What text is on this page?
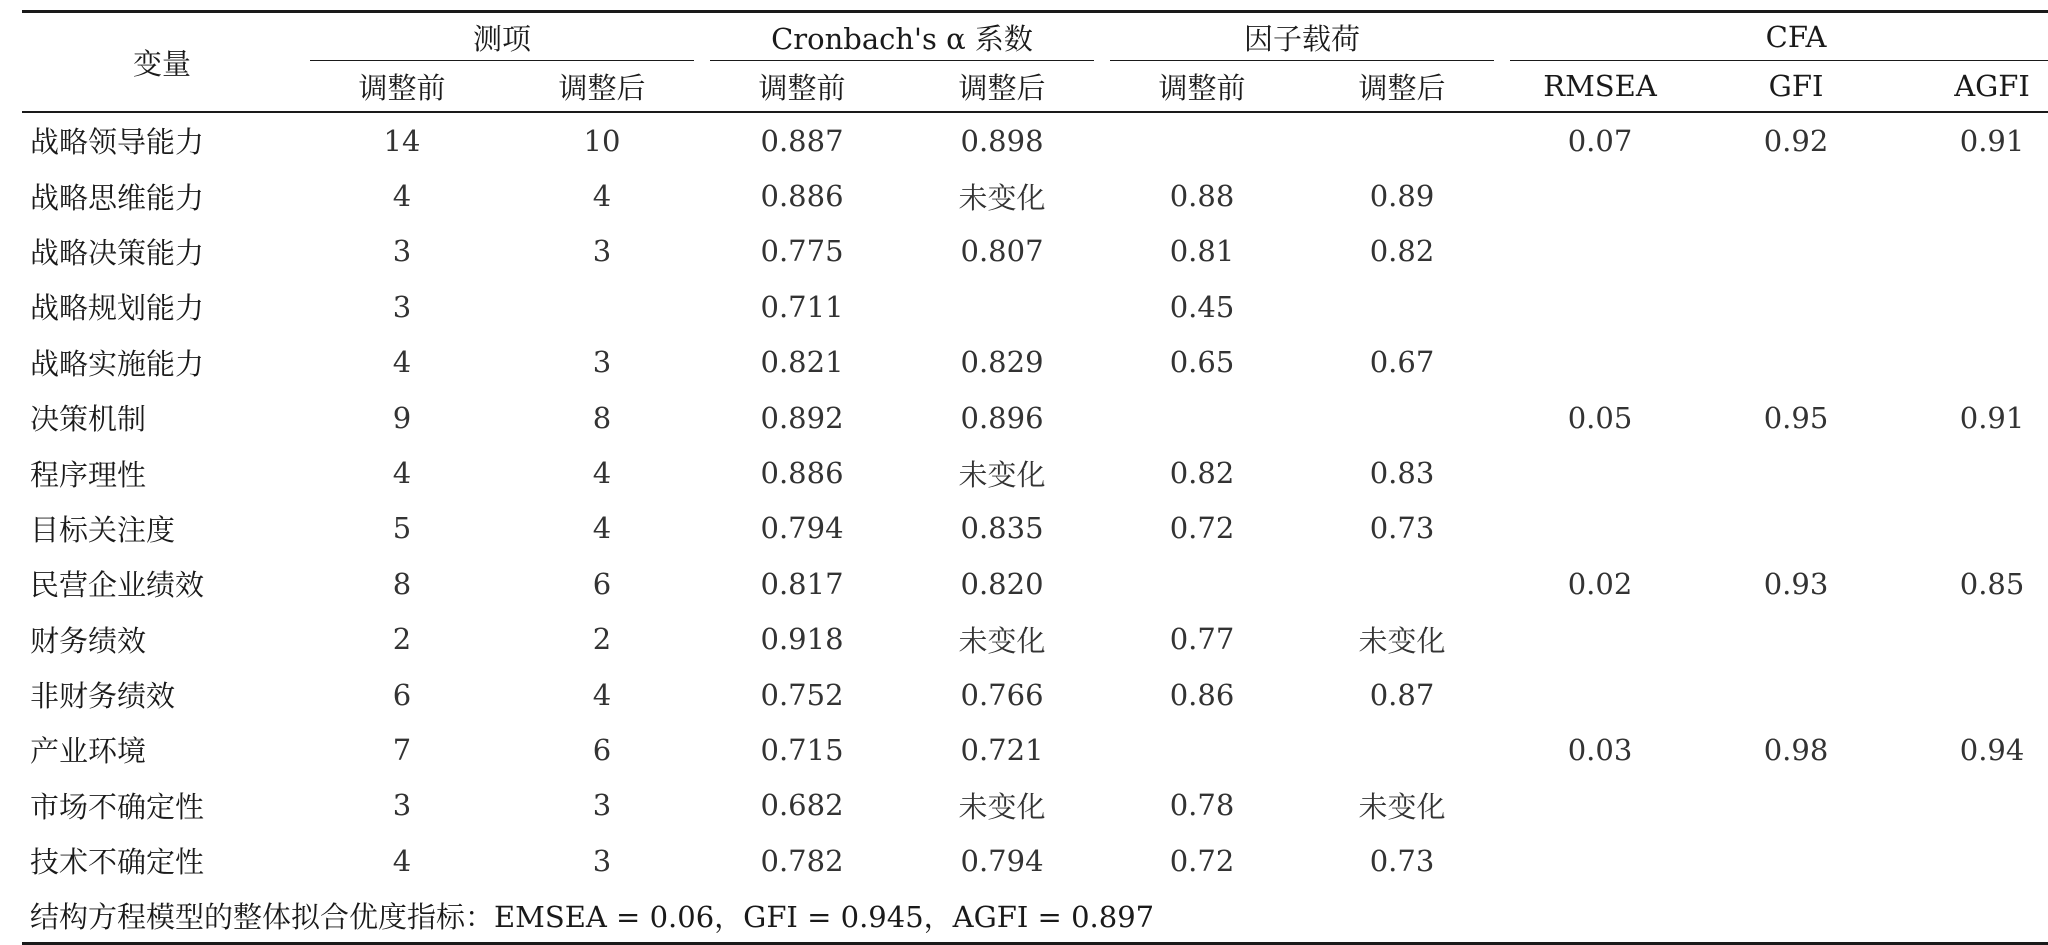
变量	测项		Cronbach's α 系数		因子载荷		CFA		

	调整前	调整后	调整前	调整后	调整前	调整后	RMSEA	GFI	AGFI
战略领导能力	14	10	0.887	0.898			0.07	0.92	0.91
战略思维能力	4	4	0.886	未变化	0.88	0.89			
战略决策能力	3	3	0.775	0.807	0.81	0.82			
战略规划能力	3		0.711		0.45				
战略实施能力	4	3	0.821	0.829	0.65	0.67			
决策机制	9	8	0.892	0.896			0.05	0.95	0.91
程序理性	4	4	0.886	未变化	0.82	0.83			
目标关注度	5	4	0.794	0.835	0.72	0.73			
民营企业绩效	8	6	0.817	0.820			0.02	0.93	0.85
财务绩效	2	2	0.918	未变化	0.77	未变化			
非财务绩效	6	4	0.752	0.766	0.86	0.87			
产业环境	7	6	0.715	0.721			0.03	0.98	0.94
市场不确定性	3	3	0.682	未变化	0.78	未变化			
技术不确定性	4	3	0.782	0.794	0.72	0.73			
结构方程模型的整体拟合优度指标：EMSEA = 0.06，GFI = 0.945，AGFI = 0.897									
